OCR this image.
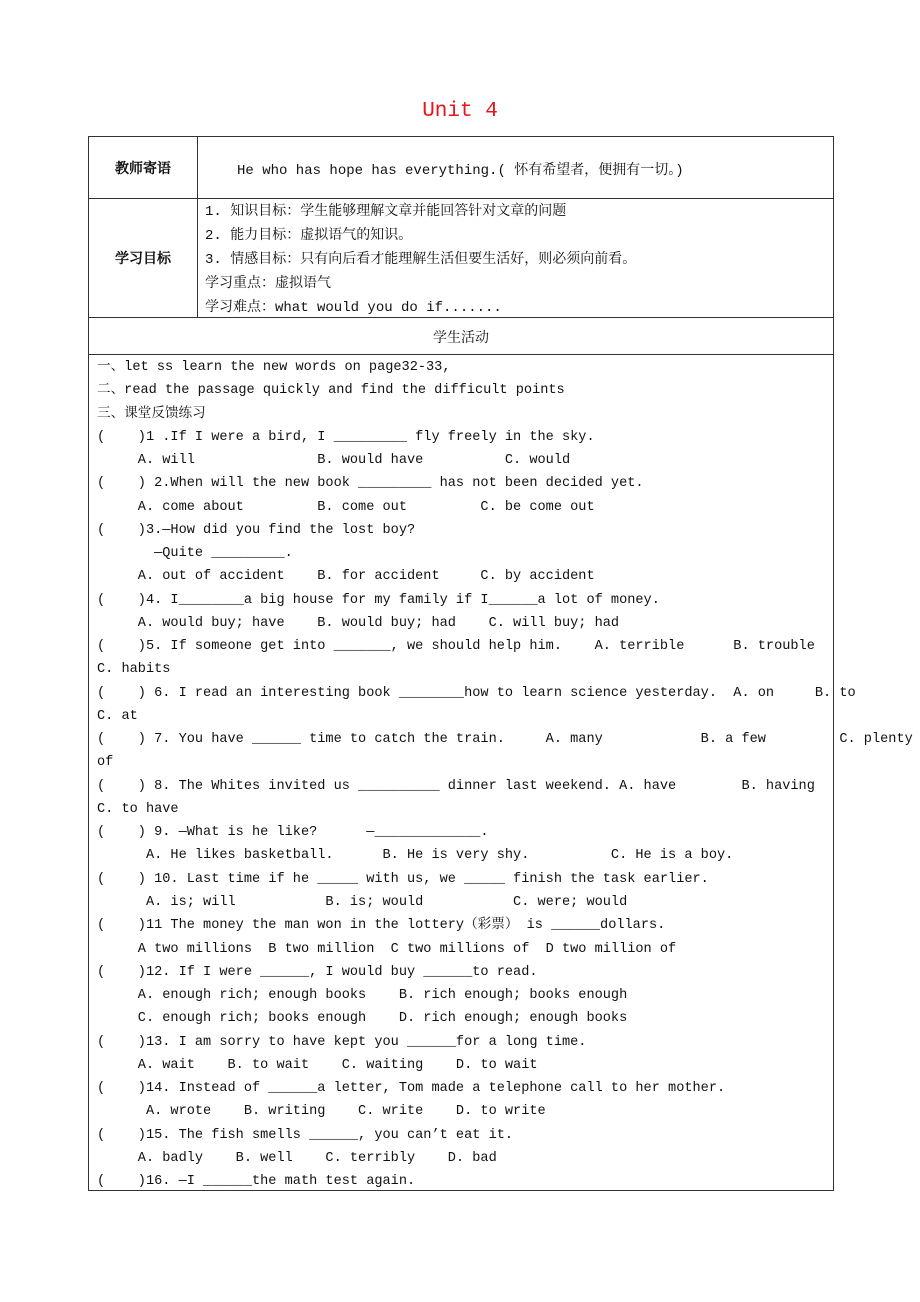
Unit 4
教师寄语	He who has hope has everything.( 怀有希望者，便拥有一切。)
学习目标
1. 知识目标：学生能够理解文章并能回答针对文章的问题
2. 能力目标：虚拟语气的知识。
3. 情感目标：只有向后看才能理解生活但要生活好，则必须向前看。
学习重点：虚拟语气
学习难点：what would you do if.......
学生活动
一、let ss learn the new words on page32-33,
二、read the passage quickly and find the difficult points
三、课堂反馈练习
(    )1 .If I were a bird, I _________ fly freely in the sky.
A. will               B. would have          C. would
(    ) 2.When will the new book _________ has not been decided yet.
A. come about         B. come out         C. be come out
(    )3.—How did you find the lost boy?
—Quite _________.
A. out of accident    B. for accident     C. by accident
(    )4. I________a big house for my family if I______a lot of money.
A. would buy; have    B. would buy; had    C. will buy; had
(    )5. If someone get into _______, we should help him.    A. terrible      B. trouble
C. habits
(    ) 6. I read an interesting book ________how to learn science yesterday.  A. on     B. to
C. at
(    ) 7. You have ______ time to catch the train.     A. many            B. a few         C. plenty
of
(    ) 8. The Whites invited us __________ dinner last weekend. A. have        B. having
C. to have
(    ) 9. —What is he like?      —_____________.
A. He likes basketball.      B. He is very shy.          C. He is a boy.
(    ) 10. Last time if he _____ with us, we _____ finish the task earlier.
A. is; will           B. is; would           C. were; would
(    )11 The money the man won in the lottery（彩票） is ______dollars.
A two millions  B two million  C two millions of  D two million of
(    )12. If I were ______, I would buy ______to read.
A. enough rich; enough books    B. rich enough; books enough
C. enough rich; books enough    D. rich enough; enough books
(    )13. I am sorry to have kept you ______for a long time.
A. wait    B. to wait    C. waiting    D. to wait
(    )14. Instead of ______a letter, Tom made a telephone call to her mother.
A. wrote    B. writing    C. write    D. to write
(    )15. The fish smells ______, you can’t eat it.
A. badly    B. well    C. terribly    D. bad
(    )16. —I ______the math test again.
